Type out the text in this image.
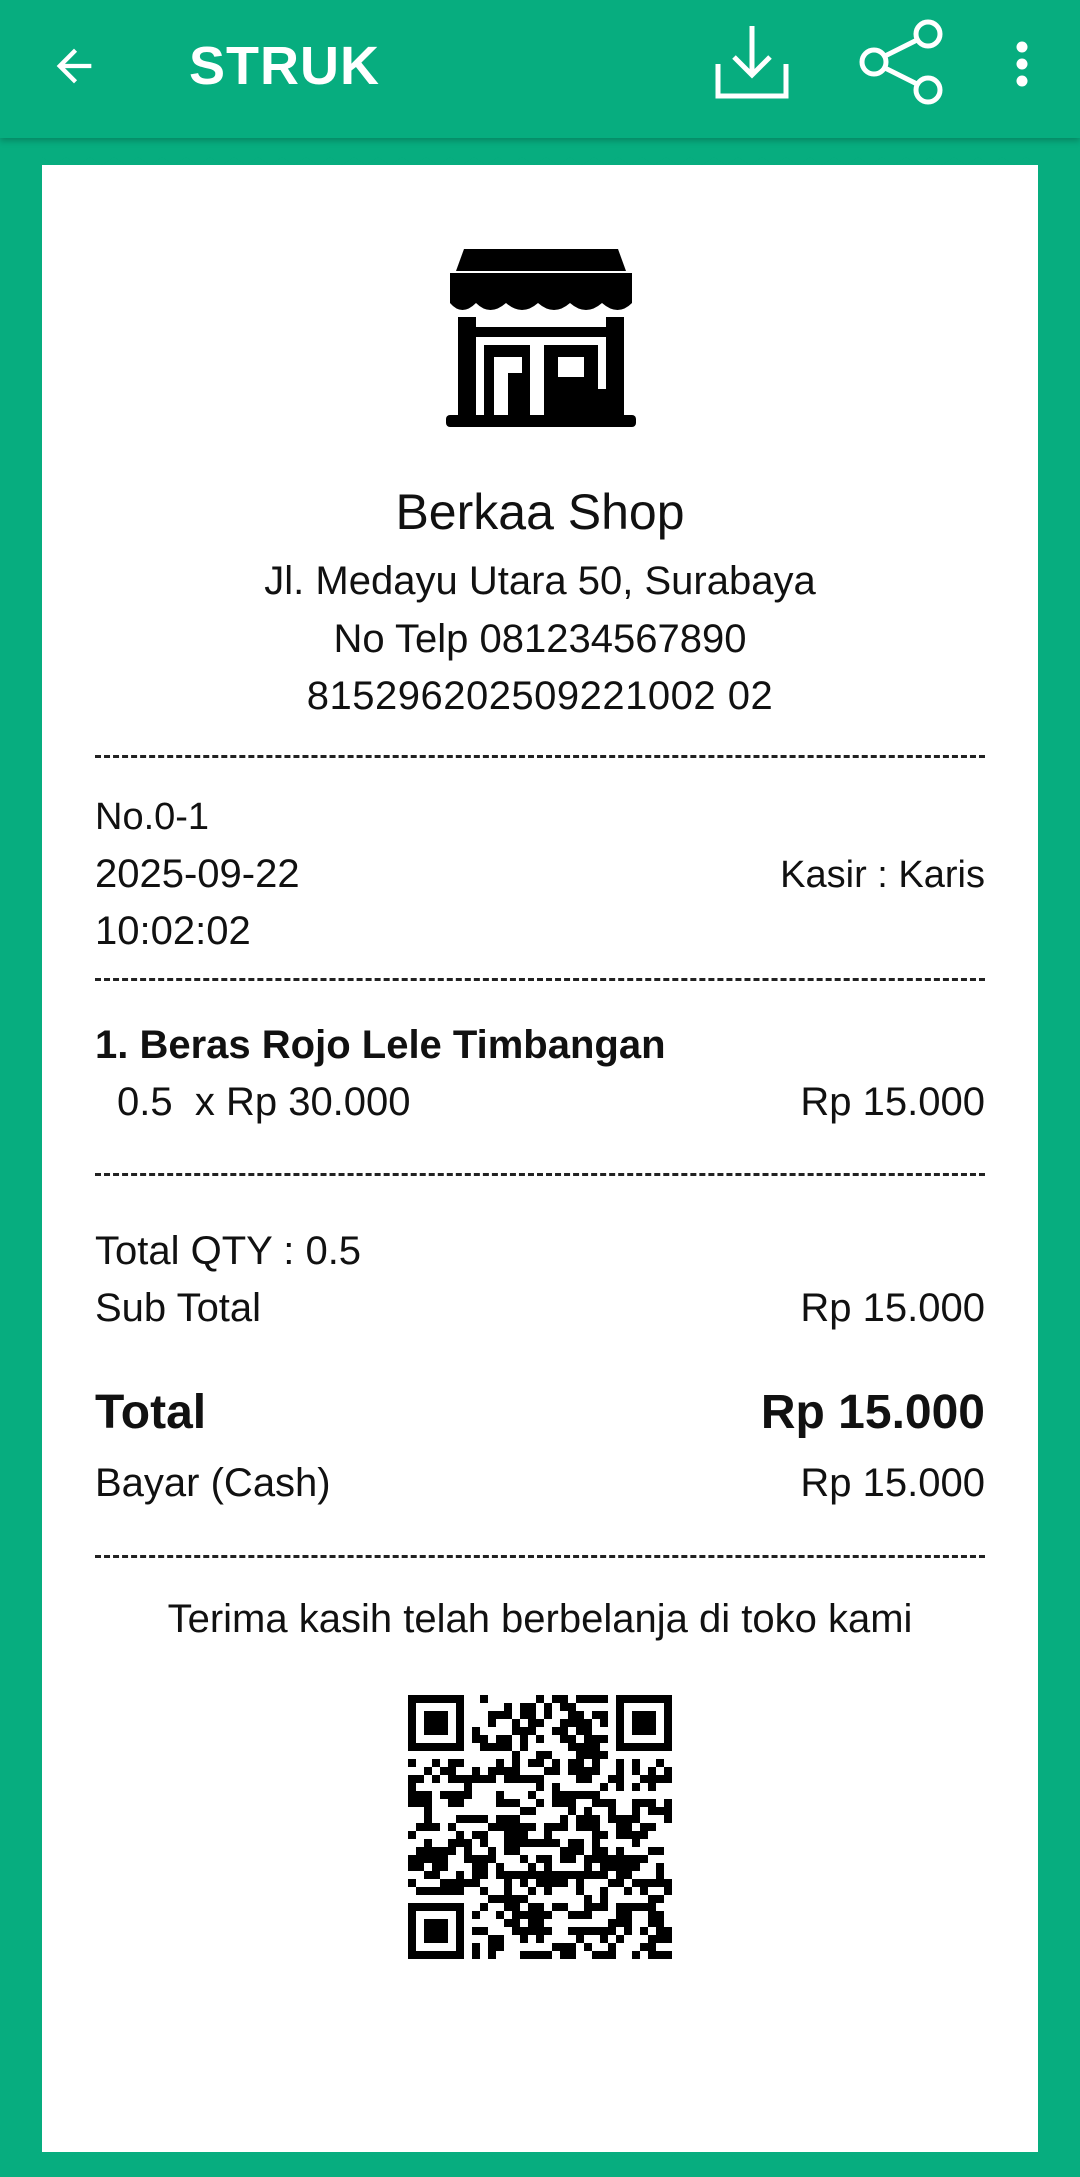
STRUK
Berkaa Shop
Jl. Medayu Utara 50, Surabaya
No Telp 081234567890
815296202509221002 02
No.0-1
2025-09-22	Kasir : Karis
10:02:02
1. Beras Rojo Lele Timbangan
0.5  x Rp 30.000	Rp 15.000
Total QTY : 0.5
Sub Total	Rp 15.000
Total	Rp 15.000
Bayar (Cash)	Rp 15.000
Terima kasih telah berbelanja di toko kami
